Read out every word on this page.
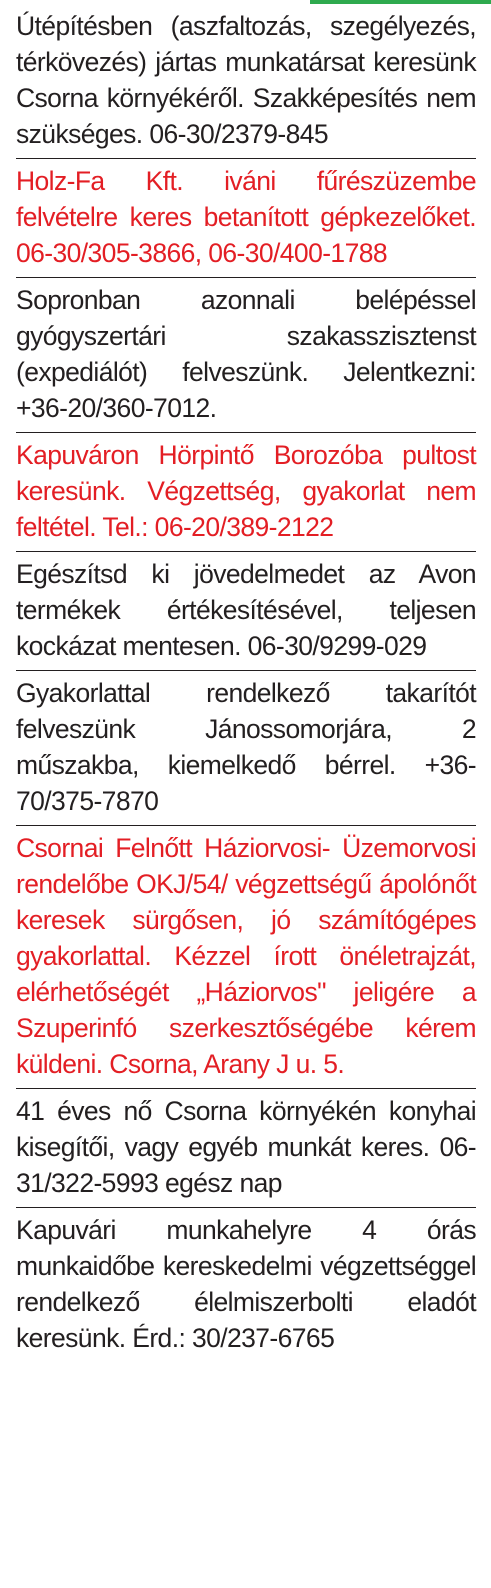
Útépítésben (aszfaltozás, szegélyezés, térkövezés) jártas munkatársat keresünk Csorna környékéről. Szakképesítés nem szükséges. 06-30/2379-845
Holz-Fa Kft. iváni fűrészüzembe felvételre keres betanított gépkezelőket. 06-30/305-3866, 06-30/400-1788
Sopronban azonnali belépéssel gyógyszertári szakasszisztenst (expediálót) felveszünk. Jelentkezni: +36-20/360-7012.
Kapuváron Hörpintő Borozóba pultost keresünk. Végzettség, gyakorlat nem feltétel. Tel.: 06-20/389-2122
Egészítsd ki jövedelmedet az Avon termékek értékesítésével, teljesen kockázat mentesen. 06-30/9299-029
Gyakorlattal rendelkező takarítót felveszünk Jánossomorjára, 2 műszakba, kiemelkedő bérrel. +36-70/375-7870
Csornai Felnőtt Háziorvosi- Üzemorvosi rendelőbe OKJ/54/ végzettségű ápolónőt keresek sürgősen, jó számítógépes gyakorlattal. Kézzel írott önéletrajzát, elérhetőségét „Háziorvos" jeligére a Szuperinfó szerkesztőségébe kérem küldeni. Csorna, Arany J u. 5.
41 éves nő Csorna környékén konyhai kisegítői, vagy egyéb munkát keres. 06-31/322-5993 egész nap
Kapuvári munkahelyre 4 órás munkaidőbe kereskedelmi végzettséggel rendelkező élelmiszerbolti eladót keresünk. Érd.: 30/237-6765
